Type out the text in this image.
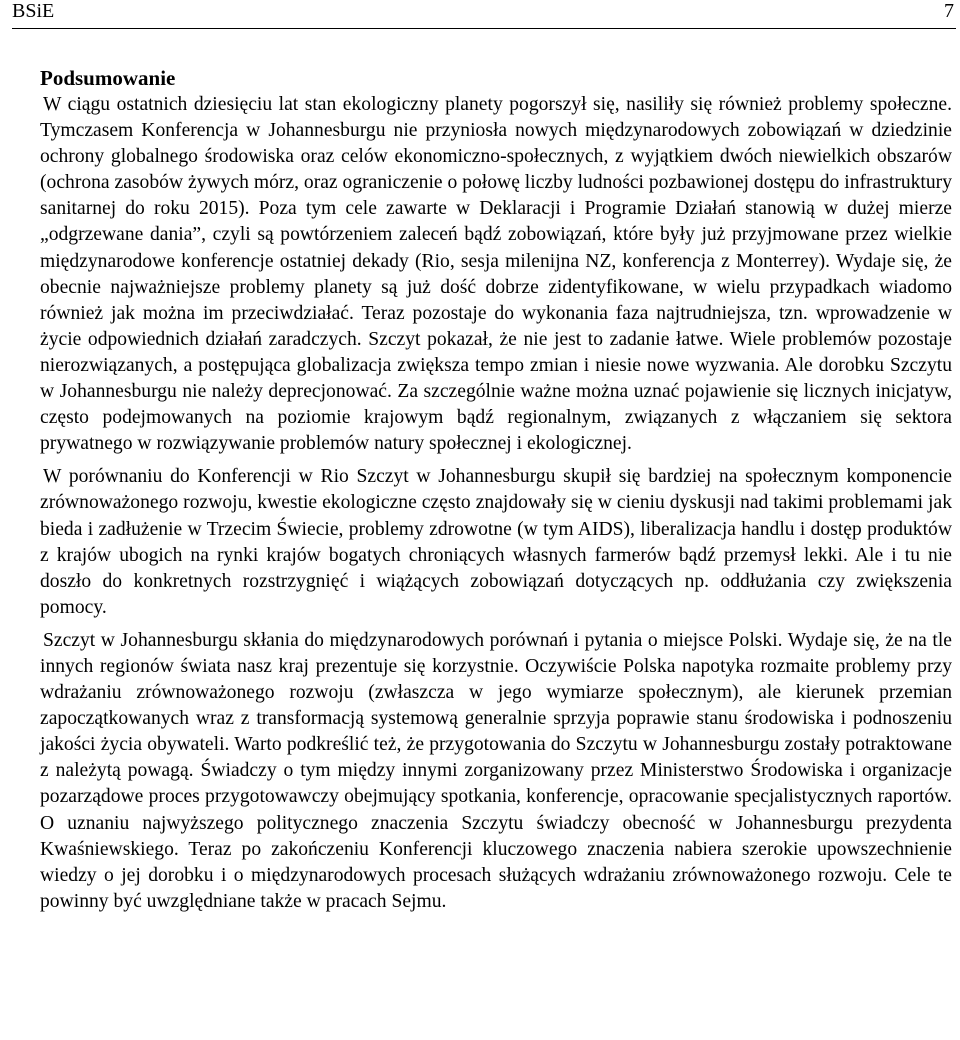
BSiE	7
Podsumowanie

W ciągu ostatnich dziesięciu lat stan ekologiczny planety pogorszył się, nasiliły się również problemy społeczne. Tymczasem Konferencja w Johannesburgu nie przyniosła nowych międzynarodowych zobowiązań w dziedzinie ochrony globalnego środowiska oraz celów ekonomiczno-społecznych, z wyjątkiem dwóch niewielkich obszarów (ochrona zasobów żywych mórz, oraz ograniczenie o połowę liczby ludności pozbawionej dostępu do infrastruktury sanitarnej do roku 2015). Poza tym cele zawarte w Deklaracji i Programie Działań stanowią w dużej mierze „odgrzewane dania”, czyli są powtórzeniem zaleceń bądź zobowiązań, które były już przyjmowane przez wielkie międzynarodowe konferencje ostatniej dekady (Rio, sesja milenijna NZ, konferencja z Monterrey). Wydaje się, że obecnie najważniejsze problemy planety są już dość dobrze zidentyfikowane, w wielu przypadkach wiadomo również jak można im przeciwdziałać. Teraz pozostaje do wykonania faza najtrudniejsza, tzn. wprowadzenie w życie odpowiednich działań zaradczych. Szczyt pokazał, że nie jest to zadanie łatwe. Wiele problemów pozostaje nierozwiązanych, a postępująca globalizacja zwiększa tempo zmian i niesie nowe wyzwania. Ale dorobku Szczytu w Johannesburgu nie należy deprecjonować. Za szczególnie ważne można uznać pojawienie się licznych inicjatyw, często podejmowanych na poziomie krajowym bądź regionalnym, związanych z włączaniem się sektora prywatnego w rozwiązywanie problemów natury społecznej i ekologicznej.

W porównaniu do Konferencji w Rio Szczyt w Johannesburgu skupił się bardziej na społecznym komponencie zrównoważonego rozwoju, kwestie ekologiczne często znajdowały się w cieniu dyskusji nad takimi problemami jak bieda i zadłużenie w Trzecim Świecie, problemy zdrowotne (w tym AIDS), liberalizacja handlu i dostęp produktów z krajów ubogich na rynki krajów bogatych chroniących własnych farmerów bądź przemysł lekki. Ale i tu nie doszło do konkretnych rozstrzygnięć i wiążących zobowiązań dotyczących np. oddłużania czy zwiększenia pomocy.

Szczyt w Johannesburgu skłania do międzynarodowych porównań i pytania o miejsce Polski. Wydaje się, że na tle innych regionów świata nasz kraj prezentuje się korzystnie. Oczywiście Polska napotyka rozmaite problemy przy wdrażaniu zrównoważonego rozwoju (zwłaszcza w jego wymiarze społecznym), ale kierunek przemian zapoczątkowanych wraz z transformacją systemową generalnie sprzyja poprawie stanu środowiska i podnoszeniu jakości życia obywateli. Warto podkreślić też, że przygotowania do Szczytu w Johannesburgu zostały potraktowane z należytą powagą. Świadczy o tym między innymi zorganizowany przez Ministerstwo Środowiska i organizacje pozarządowe proces przygotowawczy obejmujący spotkania, konferencje, opracowanie specjalistycznych raportów. O uznaniu najwyższego politycznego znaczenia Szczytu świadczy obecność w Johannesburgu prezydenta Kwaśniewskiego. Teraz po zakończeniu Konferencji kluczowego znaczenia nabiera szerokie upowszechnienie wiedzy o jej dorobku i o międzynarodowych procesach służących wdrażaniu zrównoważonego rozwoju. Cele te powinny być uwzględniane także w pracach Sejmu.
